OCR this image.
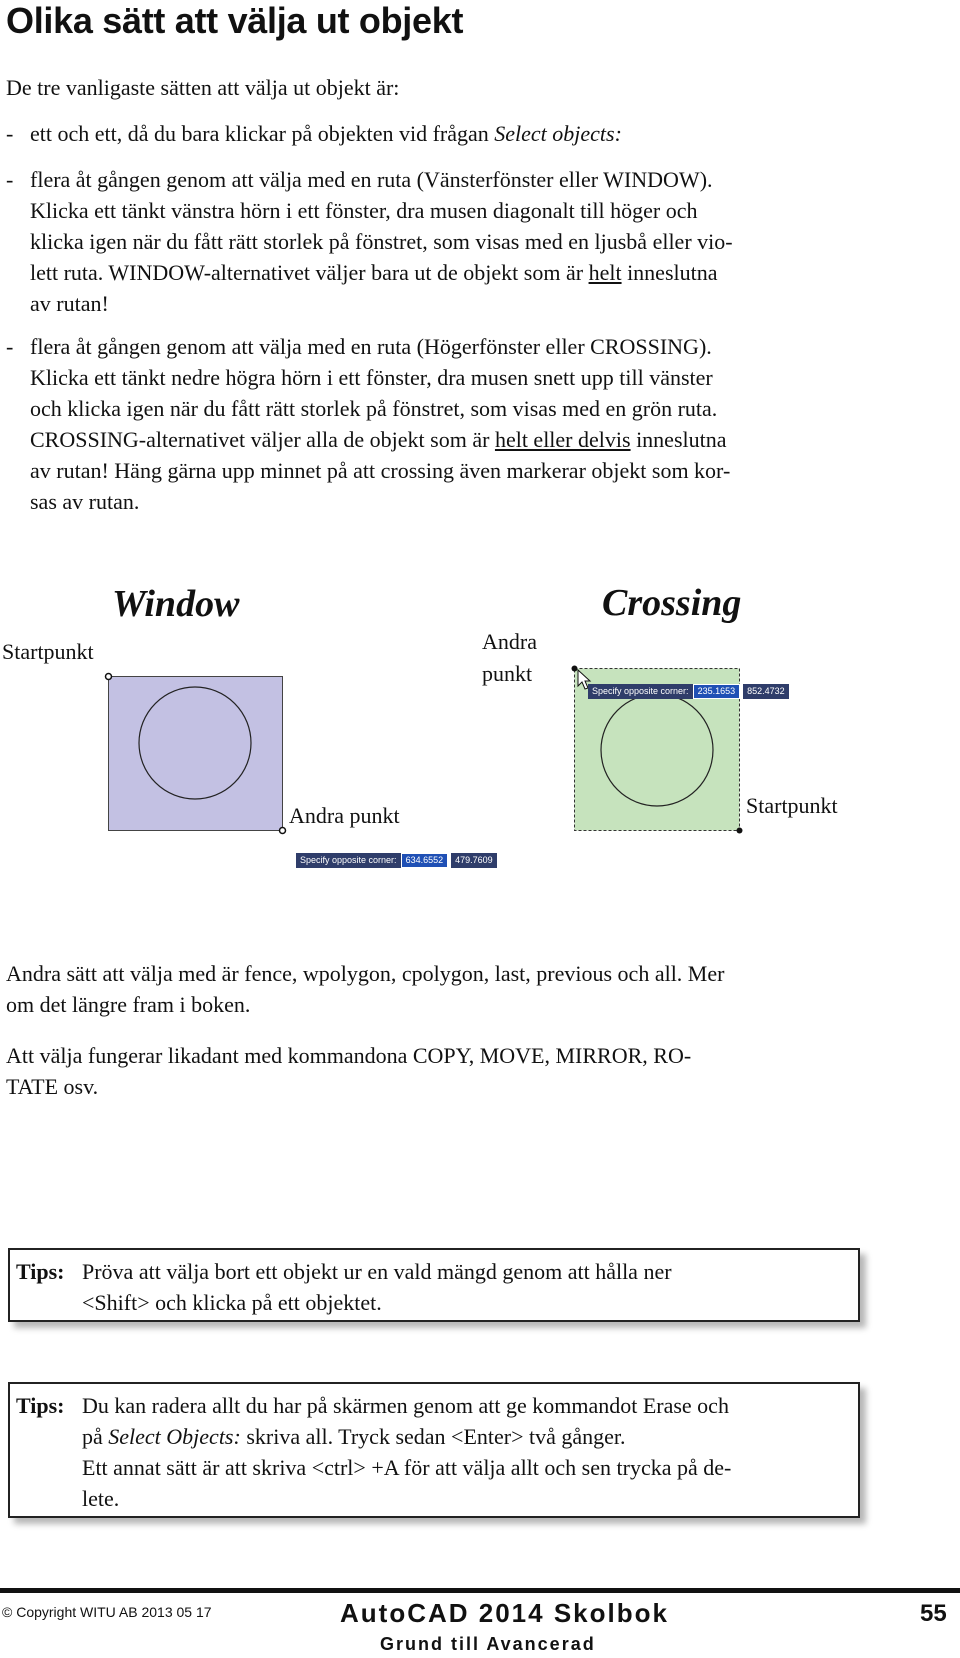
Olika sätt att välja ut objekt
De tre vanligaste sätten att välja ut objekt är:
- ett och ett, då du bara klickar på objekten vid frågan Select objects:
- flera åt gången genom att välja med en ruta (Vänsterfönster eller WINDOW).
Klicka ett tänkt vänstra hörn i ett fönster, dra musen diagonalt till höger och
klicka igen när du fått rätt storlek på fönstret, som visas med en ljusbå eller vio-
lett ruta. WINDOW-alternativet väljer bara ut de objekt som är helt inneslutna
av rutan!
- flera åt gången genom att välja med en ruta (Högerfönster eller CROSSING).
Klicka ett tänkt nedre högra hörn i ett fönster, dra musen snett upp till vänster
och klicka igen när du fått rätt storlek på fönstret, som visas med en grön ruta.
CROSSING-alternativet väljer alla de objekt som är helt eller delvis inneslutna
av rutan! Häng gärna upp minnet på att crossing även markerar objekt som kor-
sas av rutan.
Window
Startpunkt
Andra punkt
Specify opposite corner:	634.6552	479.7609
Crossing
Andra
punkt
Specify opposite corner:	235.1653	852.4732
Startpunkt
Andra sätt att välja med är fence, wpolygon, cpolygon, last, previous och all. Mer
om det längre fram i boken.
Att välja fungerar likadant med kommandona COPY, MOVE, MIRROR, RO-
TATE osv.
Tips: Pröva att välja bort ett objekt ur en vald mängd genom att hålla ner
<Shift> och klicka på ett objektet.
Tips: Du kan radera allt du har på skärmen genom att ge kommandot Erase och
på Select Objects: skriva all. Tryck sedan <Enter> två gånger.
Ett annat sätt är att skriva <ctrl> +A för att välja allt och sen trycka på de-
lete.
© Copyright WITU AB 2013 05 17	AutoCAD 2014 Skolbok
Grund till Avancerad
55
